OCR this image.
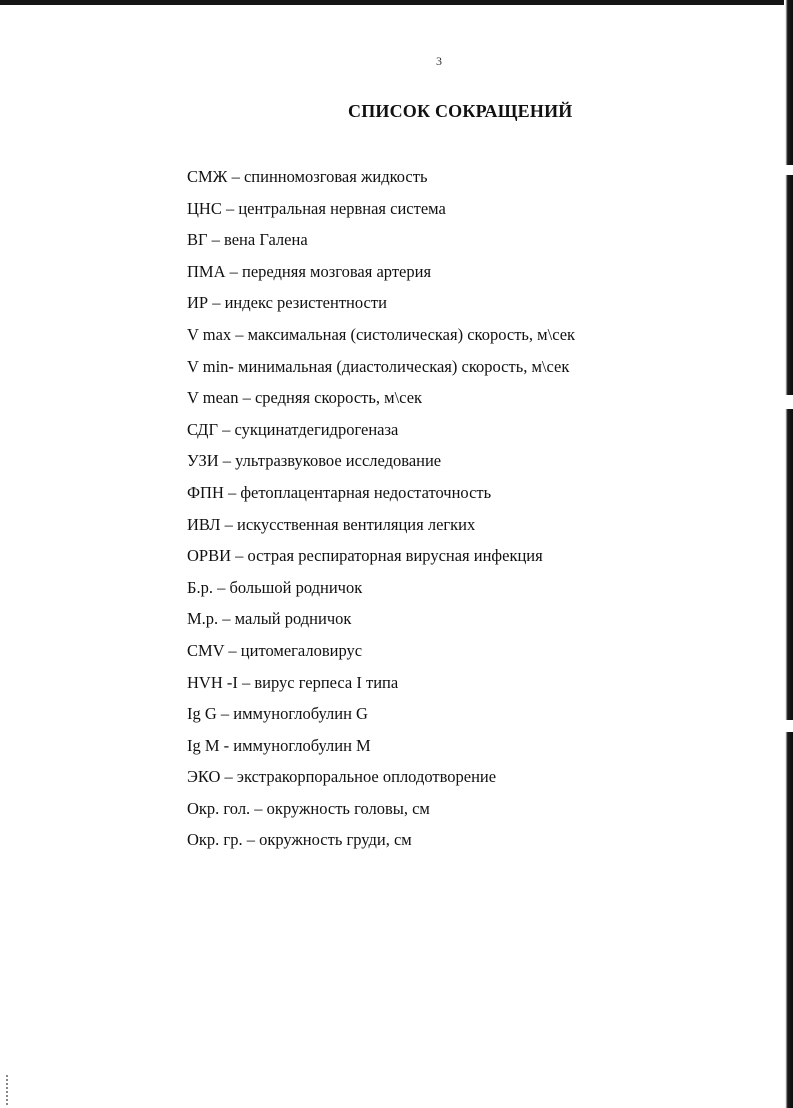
3
СПИСОК СОКРАЩЕНИЙ
СМЖ – спинномозговая жидкость
ЦНС – центральная нервная система
ВГ – вена Галена
ПМА – передняя мозговая артерия
ИР – индекс резистентности
V max – максимальная (систолическая) скорость, м\сек
V min- минимальная (диастолическая) скорость, м\сек
V mean – средняя скорость, м\сек
СДГ – сукцинатдегидрогеназа
УЗИ – ультразвуковое исследование
ФПН – фетоплацентарная недостаточность
ИВЛ – искусственная вентиляция легких
ОРВИ – острая респираторная вирусная инфекция
Б.р. – большой родничок
М.р. – малый родничок
CMV – цитомегаловирус
HVH -I – вирус герпеса I типа
Ig G – иммуноглобулин G
Ig M - иммуноглобулин M
ЭКО – экстракорпоральное оплодотворение
Окр. гол. – окружность головы, см
Окр. гр. – окружность груди, см
